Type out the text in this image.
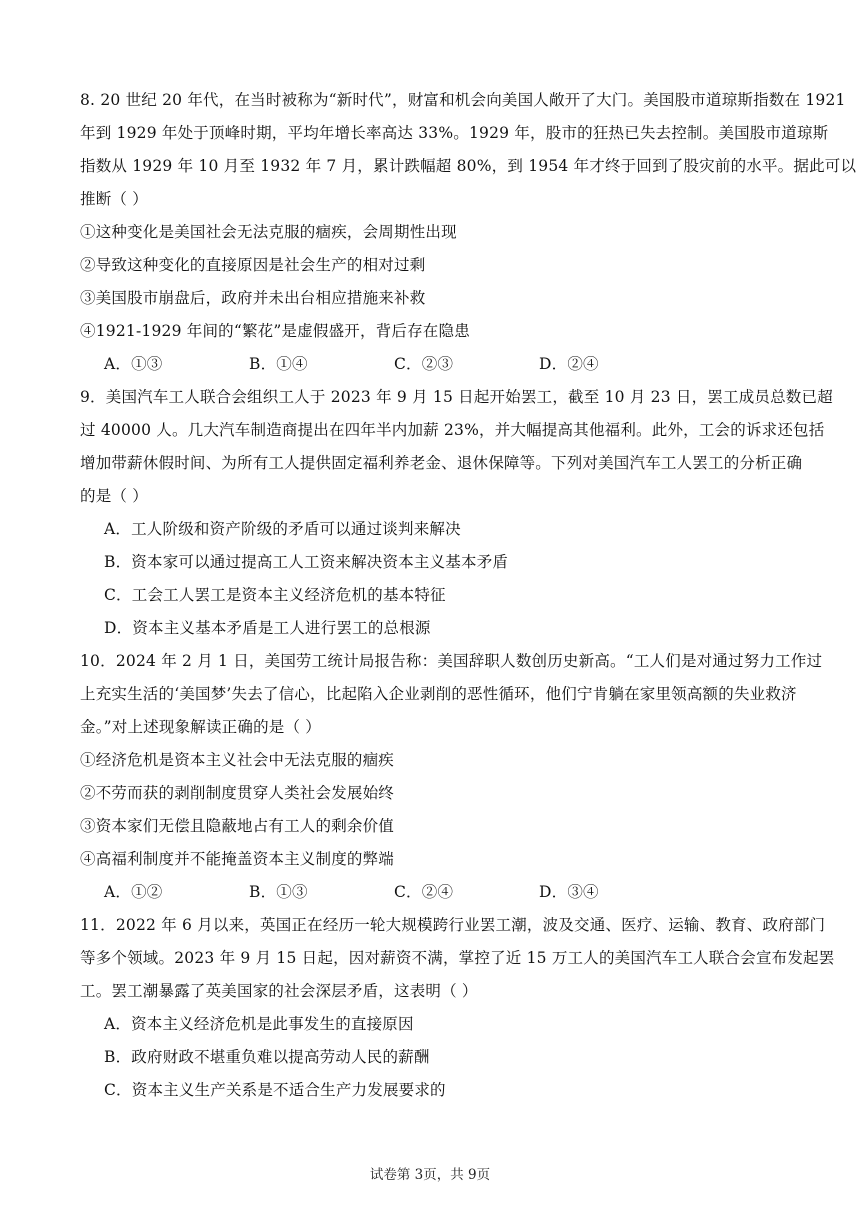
8. 20 世纪 20 年代，在当时被称为“新时代”，财富和机会向美国人敞开了大门。美国股市道琼斯指数在 1921
年到 1929 年处于顶峰时期，平均年增长率高达 33%。1929 年，股市的狂热已失去控制。美国股市道琼斯
指数从 1929 年 10 月至 1932 年 7 月，累计跌幅超 80%，到 1954 年才终于回到了股灾前的水平。据此可以
推断（ ）
①这种变化是美国社会无法克服的痼疾，会周期性出现
②导致这种变化的直接原因是社会生产的相对过剩
③美国股市崩盘后，政府并未出台相应措施来补救
④1921-1929 年间的“繁花”是虚假盛开，背后存在隐患
A．①③	B．①④	C．②③	D．②④
9．美国汽车工人联合会组织工人于 2023 年 9 月 15 日起开始罢工，截至 10 月 23 日，罢工成员总数已超
过 40000 人。几大汽车制造商提出在四年半内加薪 23%，并大幅提高其他福利。此外，工会的诉求还包括
增加带薪休假时间、为所有工人提供固定福利养老金、退休保障等。下列对美国汽车工人罢工的分析正确
的是（ ）
A．工人阶级和资产阶级的矛盾可以通过谈判来解决
B．资本家可以通过提高工人工资来解决资本主义基本矛盾
C．工会工人罢工是资本主义经济危机的基本特征
D．资本主义基本矛盾是工人进行罢工的总根源
10．2024 年 2 月 1 日，美国劳工统计局报告称：美国辞职人数创历史新高。“工人们是对通过努力工作过
上充实生活的‘美国梦’失去了信心，比起陷入企业剥削的恶性循环，他们宁肯躺在家里领高额的失业救济
金。”对上述现象解读正确的是（ ）
①经济危机是资本主义社会中无法克服的痼疾
②不劳而获的剥削制度贯穿人类社会发展始终
③资本家们无偿且隐蔽地占有工人的剩余价值
④高福利制度并不能掩盖资本主义制度的弊端
A．①②	B．①③	C．②④	D．③④
11．2022 年 6 月以来，英国正在经历一轮大规模跨行业罢工潮，波及交通、医疗、运输、教育、政府部门
等多个领域。2023 年 9 月 15 日起，因对薪资不满，掌控了近 15 万工人的美国汽车工人联合会宣布发起罢
工。罢工潮暴露了英美国家的社会深层矛盾，这表明（ ）
A．资本主义经济危机是此事发生的直接原因
B．政府财政不堪重负难以提高劳动人民的薪酬
C．资本主义生产关系是不适合生产力发展要求的
试卷第 3页，共 9页
